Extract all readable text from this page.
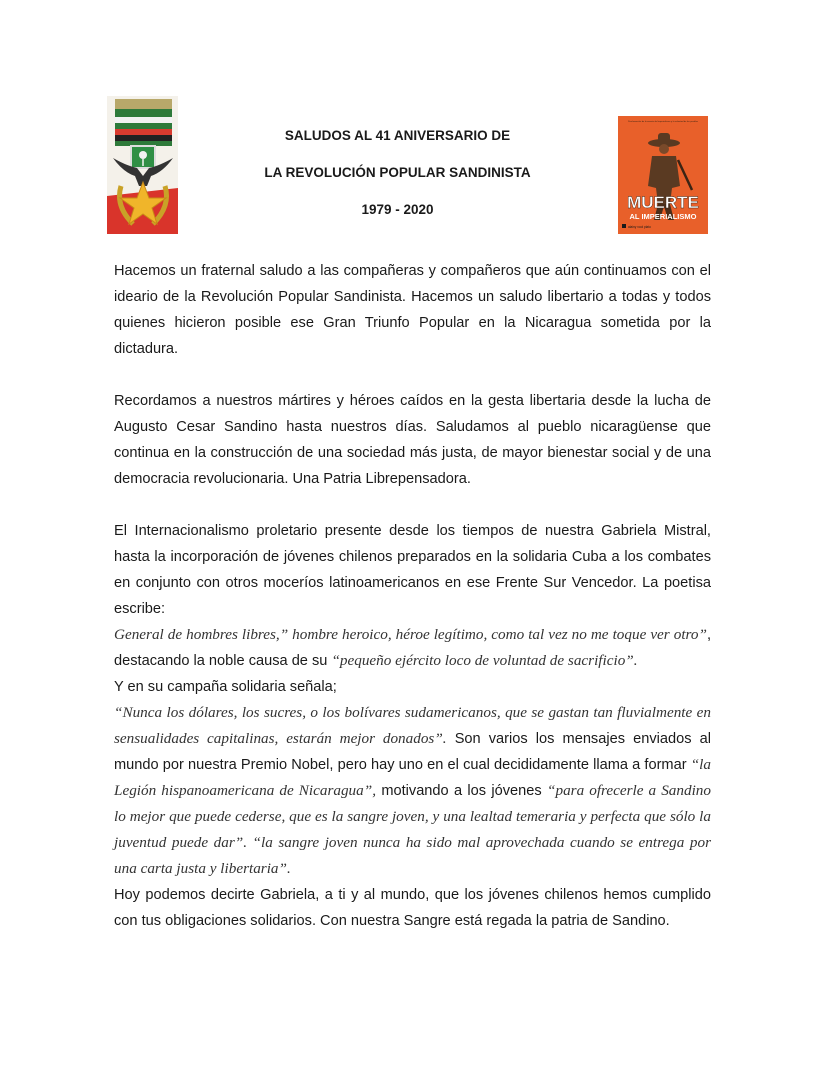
SALUDOS AL 41 ANIVERSARIO DE
LA REVOLUCIÓN POPULAR SANDINISTA
1979 - 2020
Proclamación de la muerte del imperialismo y la voluntad de los pueblos
MUERTE
AL IMPERIALISMO
alainy vool plato

Hacemos un fraternal saludo a las compañeras y compañeros que aún continuamos con el ideario de la Revolución Popular Sandinista. Hacemos un saludo libertario a todas y todos quienes hicieron posible ese Gran Triunfo Popular en la Nicaragua sometida por la dictadura.

Recordamos a nuestros mártires y héroes caídos en la gesta libertaria desde la lucha de Augusto Cesar Sandino hasta nuestros días. Saludamos al pueblo nicaragüense que continua en la construcción de una sociedad más justa, de mayor bienestar social y de una democracia revolucionaria. Una Patria Librepensadora.

El Internacionalismo proletario presente desde los tiempos de nuestra Gabriela Mistral, hasta la incorporación de jóvenes chilenos preparados en la solidaria Cuba a los combates en conjunto con otros moceríos latinoamericanos en ese Frente Sur Vencedor. La poetisa escribe:

General de hombres libres,” hombre heroico, héroe legítimo, como tal vez no me toque ver otro”, destacando la noble causa de su “pequeño ejército loco de voluntad de sacrificio”.

Y en su campaña solidaria señala;

“Nunca los dólares, los sucres, o los bolívares sudamericanos, que se gastan tan fluvialmente en sensualidades capitalinas, estarán mejor donados”. Son varios los mensajes enviados al mundo por nuestra Premio Nobel, pero hay uno en el cual decididamente llama a formar “la Legión hispanoamericana de Nicaragua”, motivando a los jóvenes “para ofrecerle a Sandino lo mejor que puede cederse, que es la sangre joven, y una lealtad temeraria y perfecta que sólo la juventud puede dar”. “la sangre joven nunca ha sido mal aprovechada cuando se entrega por una carta justa y libertaria”.

Hoy podemos decirte Gabriela, a ti y al mundo, que los jóvenes chilenos hemos cumplido con tus obligaciones solidarios. Con nuestra Sangre está regada la patria de Sandino.
